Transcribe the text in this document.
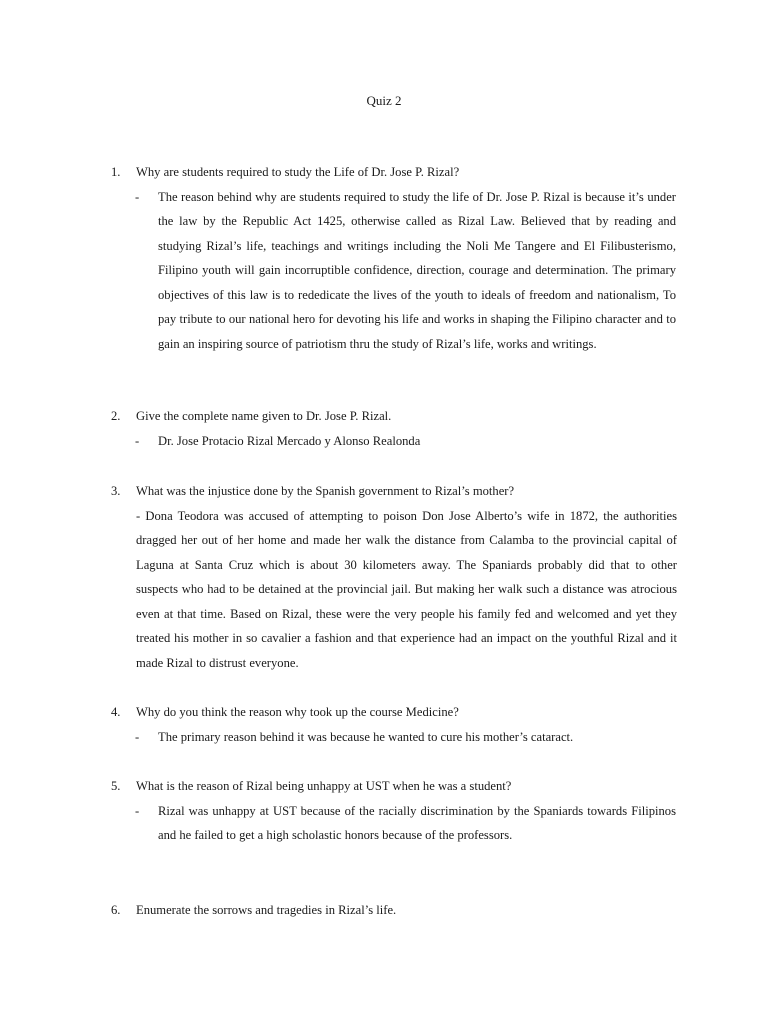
Quiz 2
1.	Why are students required to study the Life of Dr. Jose P. Rizal?
- The reason behind why are students required to study the life of Dr. Jose P. Rizal is because it’s under the law by the Republic Act 1425, otherwise called as Rizal Law. Believed that by reading and studying Rizal’s life, teachings and writings including the Noli Me Tangere and El Filibusterismo, Filipino youth will gain incorruptible confidence, direction, courage and determination. The primary objectives of this law is to rededicate the lives of the youth to ideals of freedom and nationalism, To pay tribute to our national hero for devoting his life and works in shaping the Filipino character and to gain an inspiring source of patriotism thru the study of Rizal’s life, works and writings.
2.	Give the complete name given to Dr. Jose P. Rizal.
- Dr. Jose Protacio Rizal Mercado y Alonso Realonda
3.	What was the injustice done by the Spanish government to Rizal’s mother?
- Dona Teodora was accused of attempting to poison Don Jose Alberto’s wife in 1872, the authorities dragged her out of her home and made her walk the distance from Calamba to the provincial capital of Laguna at Santa Cruz which is about 30 kilometers away. The Spaniards probably did that to other suspects who had to be detained at the provincial jail. But making her walk such a distance was atrocious even at that time. Based on Rizal, these were the very people his family fed and welcomed and yet they treated his mother in so cavalier a fashion and that experience had an impact on the youthful Rizal and it made Rizal to distrust everyone.
4.	Why do you think the reason why took up the course Medicine?
- The primary reason behind it was because he wanted to cure his mother’s cataract.
5.	What is the reason of Rizal being unhappy at UST when he was a student?
- Rizal was unhappy at UST because of the racially discrimination by the Spaniards towards Filipinos and he failed to get a high scholastic honors because of the professors.
6.	Enumerate the sorrows and tragedies in Rizal’s life.
